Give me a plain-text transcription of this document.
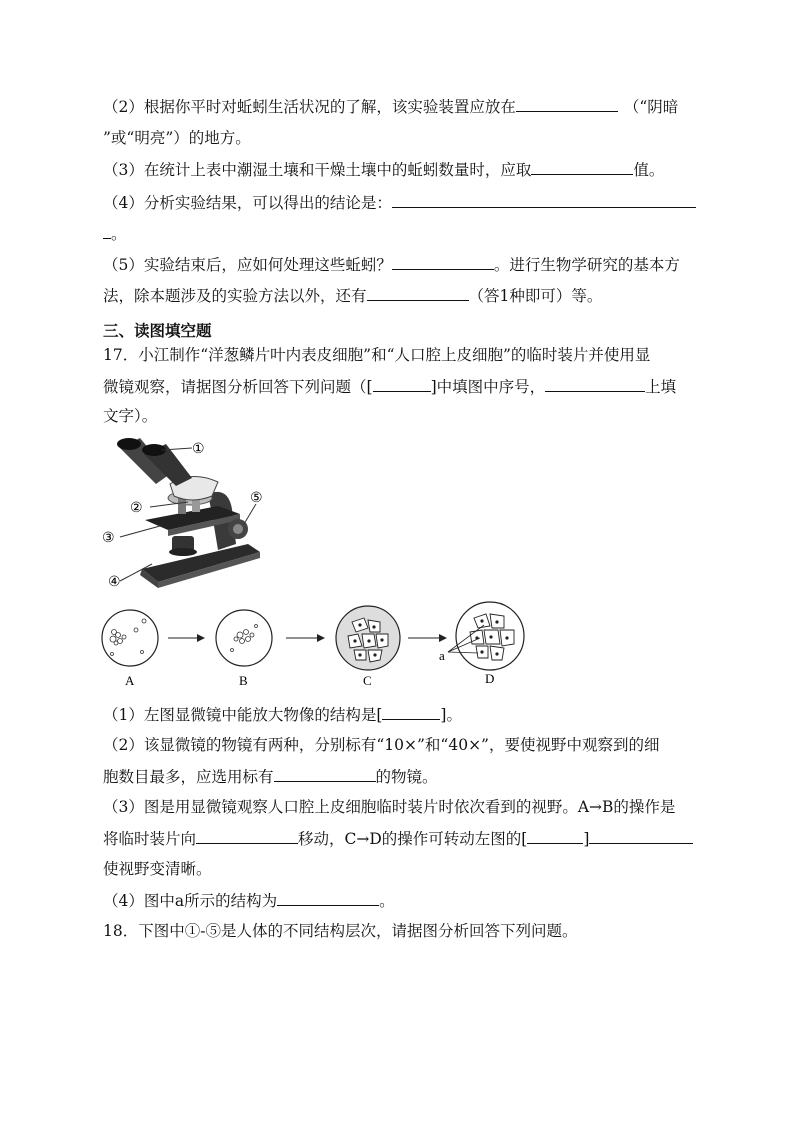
（2）根据你平时对蚯蚓生活状况的了解，该实验装置应放在	（“阴暗
”或“明亮”）的地方。
（3）在统计上表中潮湿土壤和干燥土壤中的蚯蚓数量时，应取	值。
（4）分析实验结果，可以得出的结论是：
。
（5）实验结束后，应如何处理这些蚯蚓？	。进行生物学研究的基本方
法，除本题涉及的实验方法以外，还有	（答1种即可）等。
三、读图填空题
17．小江制作“洋葱鳞片叶内表皮细胞”和“人口腔上皮细胞”的临时装片并使用显
微镜观察，请据图分析回答下列问题（[	]中填图中序号，	上填
文字）。
①
②
③
④
⑤
a
A	B	C	D
（1）左图显微镜中能放大物像的结构是[	]。
（2）该显微镜的物镜有两种，分别标有“10×”和“40×”，要使视野中观察到的细
胞数目最多，应选用标有	的物镜。
（3）图是用显微镜观察人口腔上皮细胞临时装片时依次看到的视野。A→B的操作是
将临时装片向	移动，C→D的操作可转动左图的[	]
使视野变清晰。
（4）图中a所示的结构为	。
18．下图中①-⑤是人体的不同结构层次，请据图分析回答下列问题。
